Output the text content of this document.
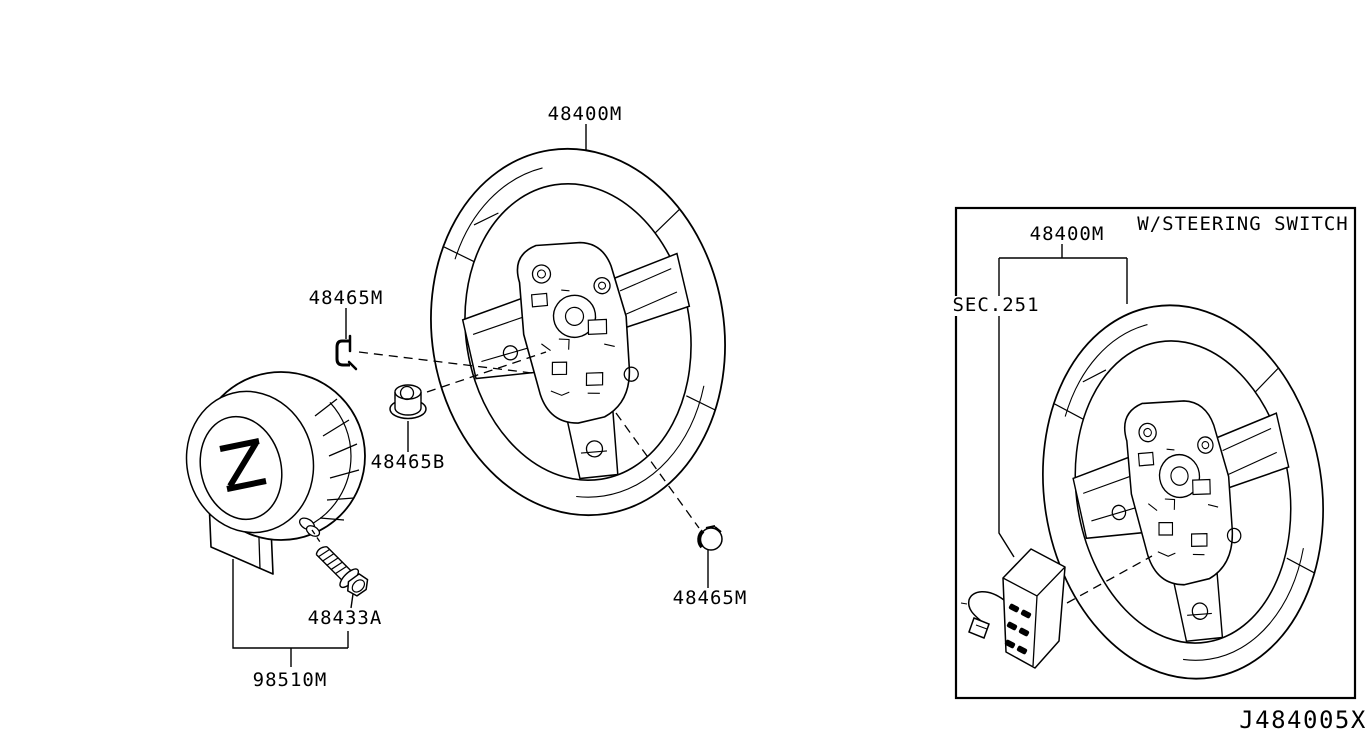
48400M
48465M
48465B
48433A
98510M
48465M
48400M W/STEERING SWITCH
SEC.251
J484005X
